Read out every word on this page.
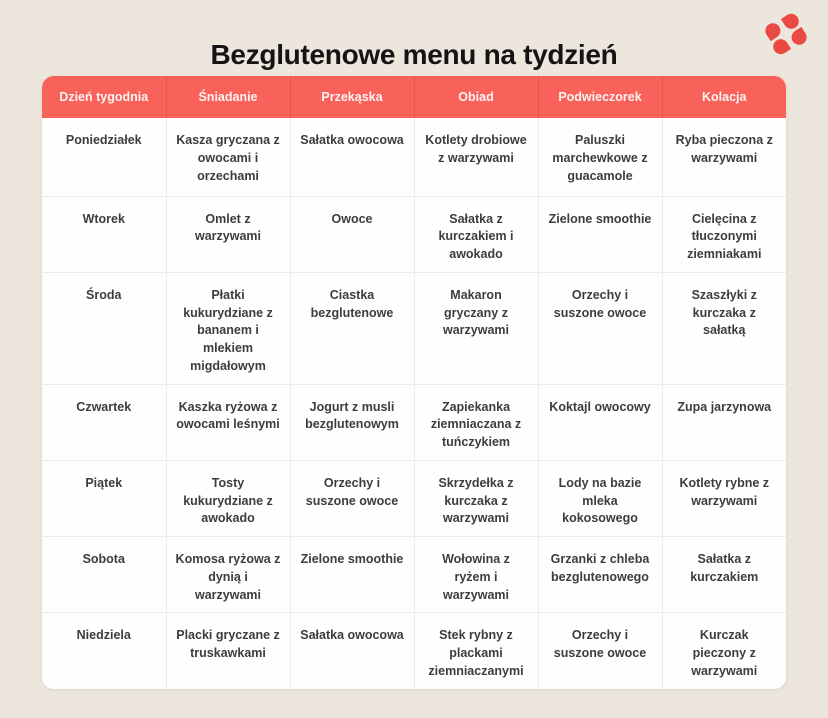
Bezglutenowe menu na tydzień
Dzień tygodnia	Śniadanie	Przekąska	Obiad	Podwieczorek	Kolacja
Poniedziałek	Kasza gryczana z owocami i orzechami	Sałatka owocowa	Kotlety drobiowe z warzywami	Paluszki marchewkowe z guacamole	Ryba pieczona z warzywami
Wtorek	Omlet z warzywami	Owoce	Sałatka z kurczakiem i awokado	Zielone smoothie	Cielęcina z tłuczonymi ziemniakami
Środa	Płatki kukurydziane z bananem i mlekiem migdałowym	Ciastka bezglutenowe	Makaron gryczany z warzywami	Orzechy i suszone owoce	Szaszłyki z kurczaka z sałatką
Czwartek	Kaszka ryżowa z owocami leśnymi	Jogurt z musli bezglutenowym	Zapiekanka ziemniaczana z tuńczykiem	Koktajl owocowy	Zupa jarzynowa
Piątek	Tosty kukurydziane z awokado	Orzechy i suszone owoce	Skrzydełka z kurczaka z warzywami	Lody na bazie mleka kokosowego	Kotlety rybne z warzywami
Sobota	Komosa ryżowa z dynią i warzywami	Zielone smoothie	Wołowina z ryżem i warzywami	Grzanki z chleba bezglutenowego	Sałatka z kurczakiem
Niedziela	Placki gryczane z truskawkami	Sałatka owocowa	Stek rybny z plackami ziemniaczanymi	Orzechy i suszone owoce	Kurczak pieczony z warzywami
